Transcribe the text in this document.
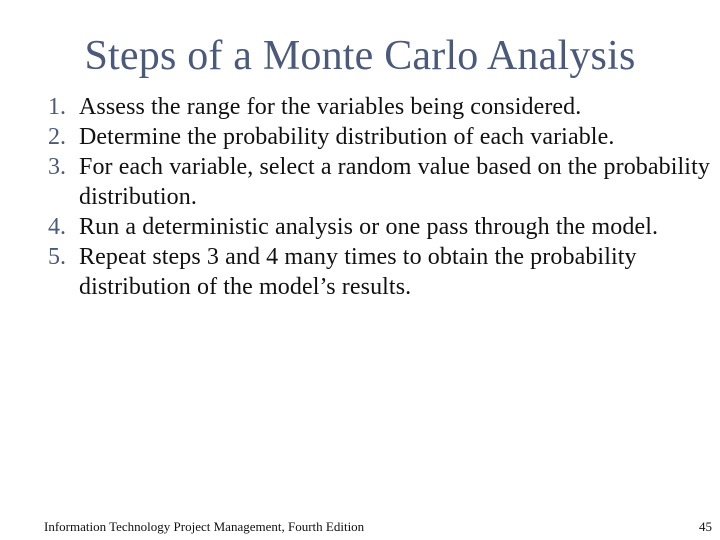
Steps of a Monte Carlo Analysis
1. Assess the range for the variables being considered.
2. Determine the probability distribution of each variable.
3. For each variable, select a random value based on the probability distribution.
4. Run a deterministic analysis or one pass through the model.
5. Repeat steps 3 and 4 many times to obtain the probability distribution of the model’s results.
Information Technology Project Management, Fourth Edition	45
